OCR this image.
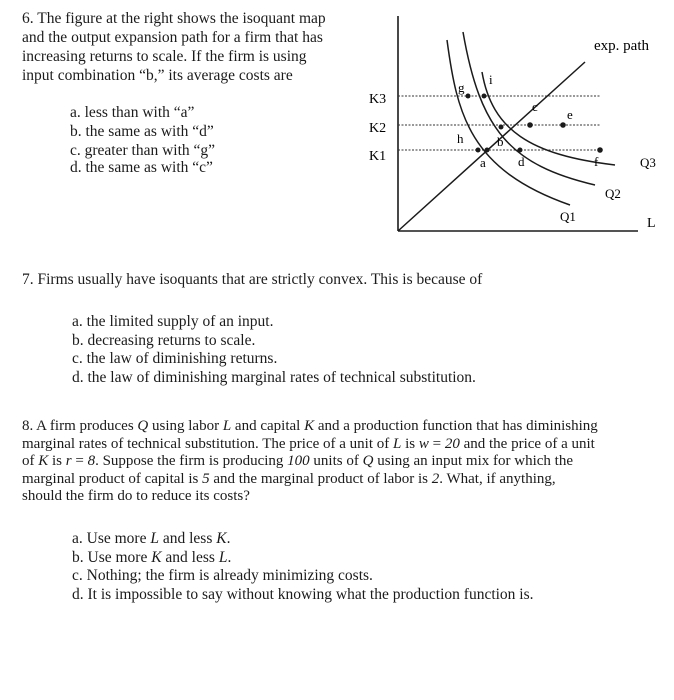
6. The figure at the right shows the isoquant map
and the output expansion path for a firm that has
increasing returns to scale. If the firm is using
input combination “b,” its average costs are
a. less than with “a”
b. the same as with “d”
c. greater than with “g”
d. the same as with “c”
K3
K2
K1
exp. path
L
Q1
Q2
Q3
a
b
c
d
e
f
g
h
i
7. Firms usually have isoquants that are strictly convex. This is because of
a. the limited supply of an input.
b. decreasing returns to scale.
c. the law of diminishing returns.
d. the law of diminishing marginal rates of technical substitution.
8. A firm produces Q using labor L and capital K and a production function that has diminishing
marginal rates of technical substitution. The price of a unit of L is w = 20 and the price of a unit
of K is r = 8. Suppose the firm is producing 100 units of Q using an input mix for which the
marginal product of capital is 5 and the marginal product of labor is 2. What, if anything,
should the firm do to reduce its costs?
a. Use more L and less K.
b. Use more K and less L.
c. Nothing; the firm is already minimizing costs.
d. It is impossible to say without knowing what the production function is.
